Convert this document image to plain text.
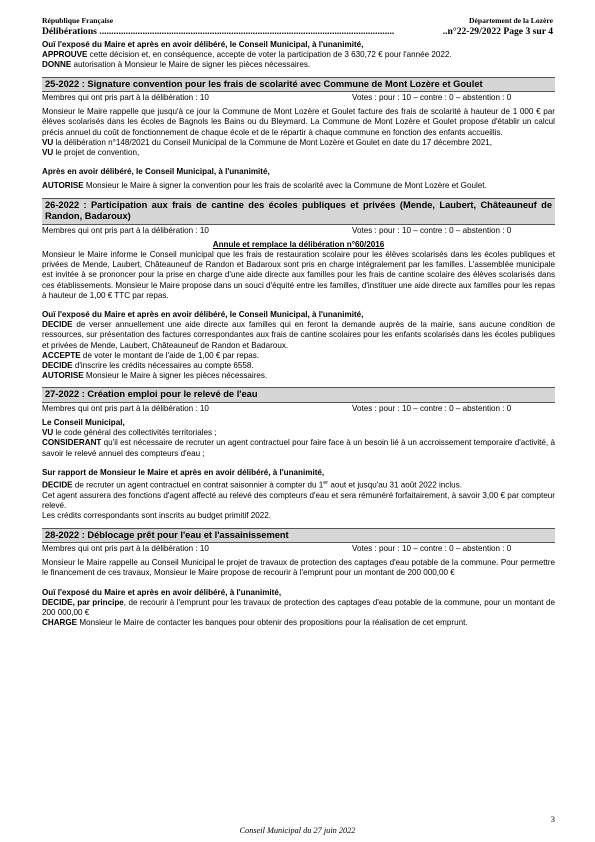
République Française	Département de la Lozère
Délibérations ...........................................................................................................................	..n°22-29/2022 Page 3 sur 4

Ouï l'exposé du Maire et après en avoir délibéré, le Conseil Municipal, à l'unanimité,

APPROUVE cette décision et, en conséquence, accepte de voter la participation de 3 630,72 € pour l'année 2022.

DONNE autorisation à Monsieur le Maire de signer les pièces nécessaires.

25-2022 : Signature convention pour les frais de scolarité avec Commune de Mont Lozère et Goulet
Membres qui ont pris part à la délibération : 10	Votes : pour : 10 – contre : 0 – abstention : 0

Monsieur le Maire rappelle que jusqu'à ce jour la Commune de Mont Lozère et Goulet facture des frais de scolarité à hauteur de 1 000 € par élèves scolarisés dans les écoles de Bagnols les Bains ou du Bleymard. La Commune de Mont Lozère et Goulet propose d'établir un calcul précis annuel du coût de fonctionnement de chaque école et de le répartir à chaque commune en fonction des enfants accueillis.

VU la délibération n°148/2021 du Conseil Municipal de la Commune de Mont Lozère et Goulet en date du 17 décembre 2021,

VU le projet de convention,

Après en avoir délibéré, le Conseil Municipal, à l'unanimité,

AUTORISE Monsieur le Maire à signer la convention pour les frais de scolarité avec la Commune de Mont Lozère et Goulet.

26-2022 : Participation aux frais de cantine des écoles publiques et privées (Mende, Laubert, Châteauneuf de Randon, Badaroux)
Membres qui ont pris part à la délibération : 10	Votes : pour : 10 – contre : 0 – abstention : 0

Annule et remplace la délibération n°60/2016

Monsieur le Maire informe le Conseil municipal que les frais de restauration scolaire pour les élèves scolarisés dans les écoles publiques et privées de Mende, Laubert, Châteauneuf de Randon et Badaroux sont pris en charge intégralement par les familles. L'assemblée municipale est invitée à se prononcer pour la prise en charge d'une aide directe aux familles pour les frais de cantine scolaire des élèves scolarisés dans ces établissements. Monsieur le Maire propose dans un souci d'équité entre les familles, d'instituer une aide directe aux familles pour les repas à hauteur de 1,00 € TTC par repas.

Ouï l'exposé du Maire et après en avoir délibéré, le Conseil Municipal, à l'unanimité,

DECIDE de verser annuellement une aide directe aux familles qui en feront la demande auprès de la mairie, sans aucune condition de ressources, sur présentation des factures correspondantes aux frais de cantine scolaires pour les enfants scolarisés dans les écoles publiques et privées de Mende, Laubert, Châteauneuf de Randon et Badaroux.

ACCEPTE de voter le montant de l'aide de 1,00 € par repas.

DECIDE d'inscrire les crédits nécessaires au compte 6558.

AUTORISE Monsieur le Maire à signer les pièces nécessaires.

27-2022 : Création emploi pour le relevé de l'eau
Membres qui ont pris part à la délibération : 10	Votes : pour : 10 – contre : 0 – abstention : 0

Le Conseil Municipal,

VU le code général des collectivités territoriales ;

CONSIDERANT qu'il est nécessaire de recruter un agent contractuel pour faire face à un besoin lié à un accroissement temporaire d'activité, à savoir le relevé annuel des compteurs d'eau ;

Sur rapport de Monsieur le Maire et après en avoir délibéré, à l'unanimité,

DECIDE de recruter un agent contractuel en contrat saisonnier à compter du 1er aout et jusqu'au 31 août 2022 inclus.

Cet agent assurera des fonctions d'agent affecté au relevé des compteurs d'eau et sera rémunéré forfaitairement, à savoir 3,00 € par compteur relevé.

Les crédits correspondants sont inscrits au budget primitif 2022.

28-2022 : Déblocage prêt pour l'eau et l'assainissement
Membres qui ont pris part à la délibération : 10	Votes : pour : 10 – contre : 0 – abstention : 0

Monsieur le Maire rappelle au Conseil Municipal le projet de travaux de protection des captages d'eau potable de la commune. Pour permettre le financement de ces travaux, Monsieur le Maire propose de recourir à l'emprunt pour un montant de 200 000,00 €

Ouï l'exposé du Maire et après en avoir délibéré, à l'unanimité,

DECIDE, par principe, de recourir à l'emprunt pour les travaux de protection des captages d'eau potable de la commune, pour un montant de 200 000,00 €

CHARGE Monsieur le Maire de contacter les banques pour obtenir des propositions pour la réalisation de cet emprunt.

3
Conseil Municipal du 27 juin 2022
